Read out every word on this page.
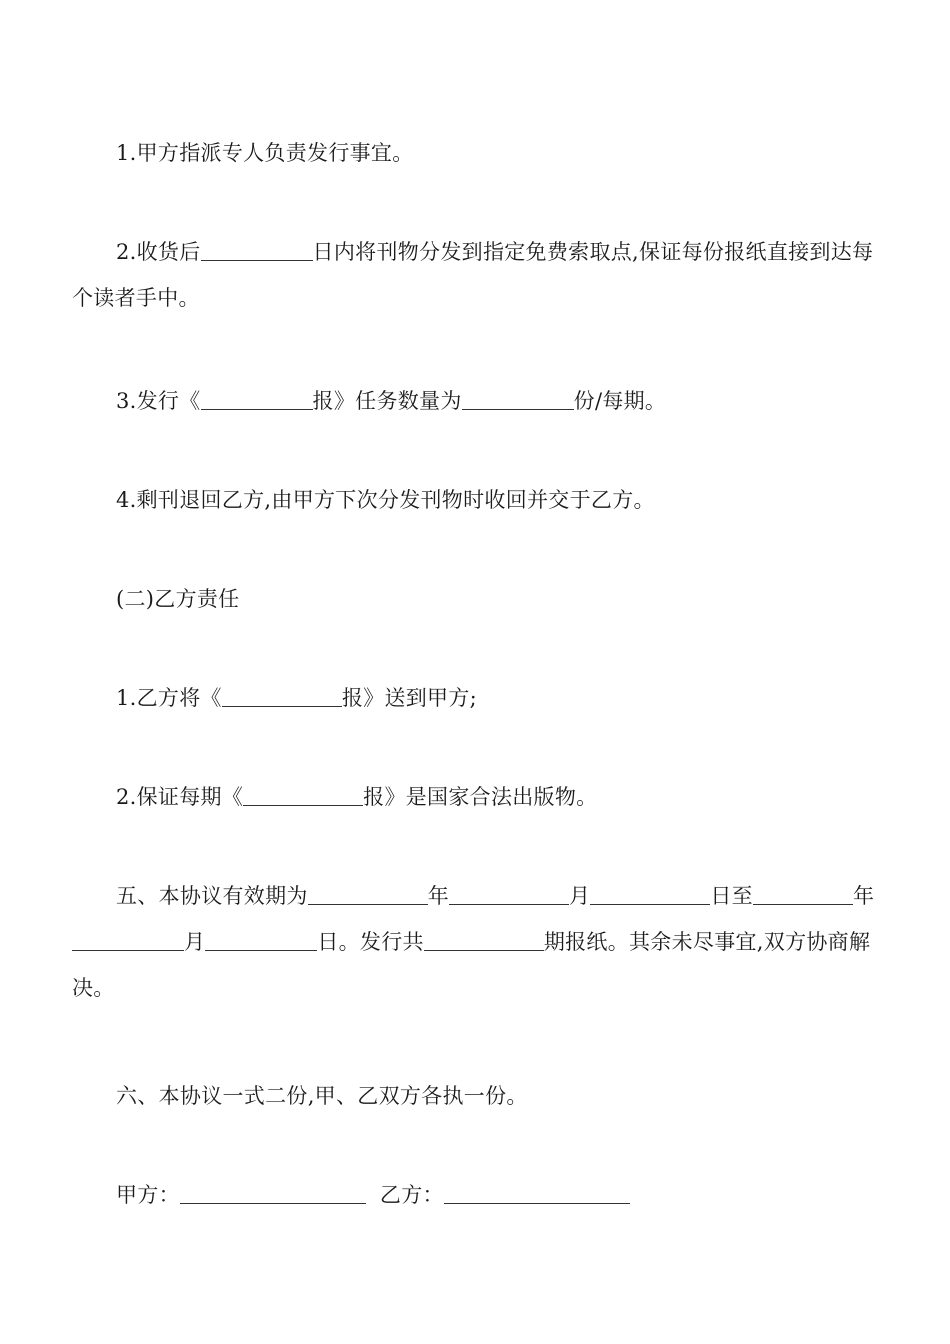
1.甲方指派专人负责发行事宜。
2.收货后	日内将刊物分发到指定免费索取点,保证每份报纸直接到达每个读者手中。
3.发行《	报》任务数量为	份/每期。
4.剩刊退回乙方,由甲方下次分发刊物时收回并交于乙方。
(二)乙方责任
1.乙方将《	报》送到甲方;
2.保证每期《	报》是国家合法出版物。
五、本协议有效期为	年	月	日至	年月	日。发行共	期报纸。其余未尽事宜,双方协商解决。
六、本协议一式二份,甲、乙双方各执一份。
甲方：	乙方：
